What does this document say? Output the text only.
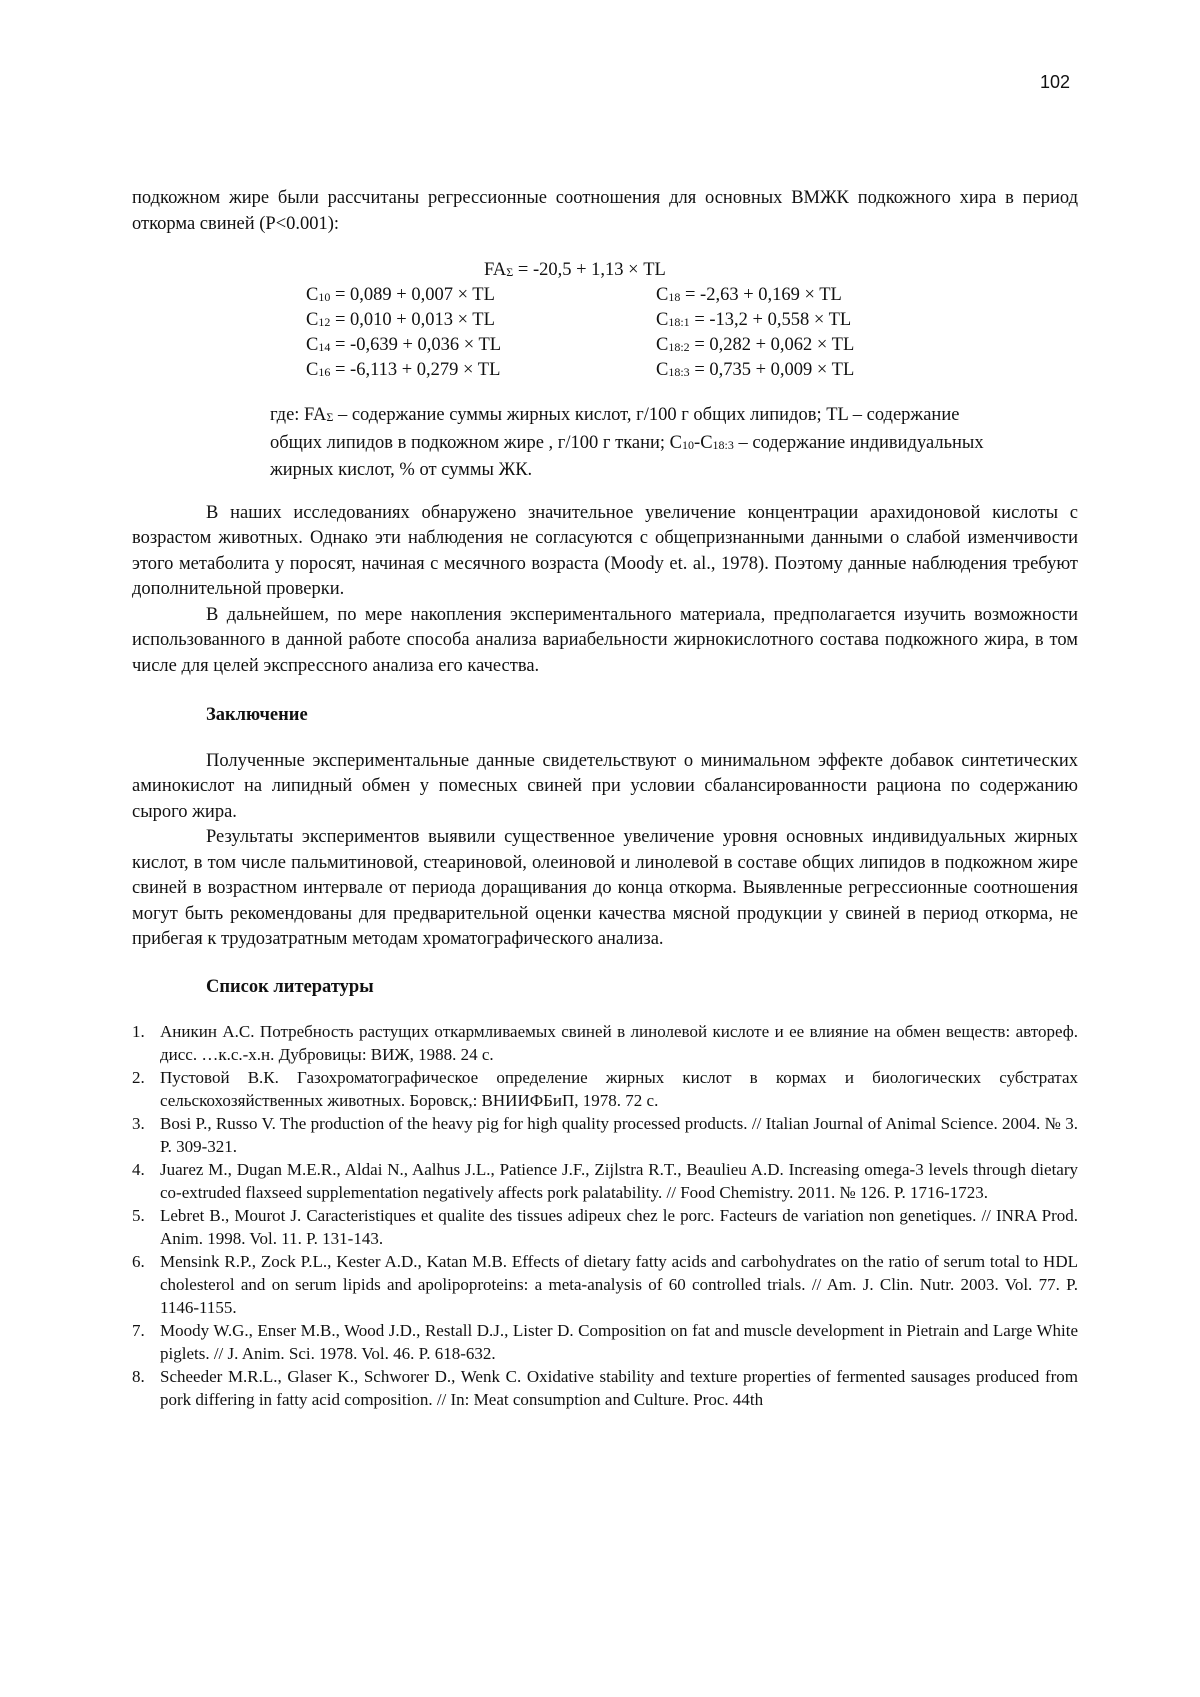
102

подкожном жире были рассчитаны регрессионные соотношения для основных ВМЖК подкожного хира в период откорма свиней (Р<0.001):

FAΣ = -20,5 + 1,13 × TL
C10 = 0,089 + 0,007 × TL
C12 = 0,010 + 0,013 × TL
C14 = -0,639 + 0,036 × TL
C16 = -6,113 + 0,279 × TL
C18 = -2,63 + 0,169 × TL
C18:1 = -13,2 + 0,558 × TL
C18:2 = 0,282 + 0,062 × TL
C18:3 = 0,735 + 0,009 × TL

где: FAΣ – содержание суммы жирных кислот, г/100 г общих липидов; TL – содержание общих липидов в подкожном жире , г/100 г ткани; C10-C18:3 – содержание индивидуальных жирных кислот, % от суммы ЖК.

В наших исследованиях обнаружено значительное увеличение концентрации арахидоновой кислоты с возрастом животных. Однако эти наблюдения не согласуются с общепризнанными данными о слабой изменчивости этого метаболита у поросят, начиная с месячного возраста (Moody et. al., 1978). Поэтому данные наблюдения требуют дополнительной проверки.

В дальнейшем, по мере накопления экспериментального материала, предполагается изучить возможности использованного в данной работе способа анализа вариабельности жирнокислотного состава подкожного жира, в том числе для целей экспрессного анализа его качества.

Заключение

Полученные экспериментальные данные свидетельствуют о минимальном эффекте добавок синтетических аминокислот на липидный обмен у помесных свиней при условии сбалансированности рациона по содержанию сырого жира.

Результаты экспериментов выявили существенное увеличение уровня основных индивидуальных жирных кислот, в том числе пальмитиновой, стеариновой, олеиновой и линолевой в составе общих липидов в подкожном жире свиней в возрастном интервале от периода доращивания до конца откорма. Выявленные регрессионные соотношения могут быть рекомендованы для предварительной оценки качества мясной продукции у свиней в период откорма, не прибегая к трудозатратным методам хроматографического анализа.

Список литературы
1. Аникин А.С. Потребность растущих откармливаемых свиней в линолевой кислоте и ее влияние на обмен веществ: автореф. дисс. …к.с.-х.н. Дубровицы: ВИЖ, 1988. 24 с.
2. Пустовой В.К. Газохроматографическое определение жирных кислот в кормах и биологических субстратах сельскохозяйственных животных. Боровск,: ВНИИФБиП, 1978. 72 с.
3. Bosi P., Russo V. The production of the heavy pig for high quality processed products. // Italian Journal of Animal Science. 2004. № 3. P. 309-321.
4. Juarez M., Dugan M.E.R., Aldai N., Aalhus J.L., Patience J.F., Zijlstra R.T., Beaulieu A.D. Increasing omega-3 levels through dietary co-extruded flaxseed supplementation negatively affects pork palatability. // Food Chemistry. 2011. № 126. P. 1716-1723.
5. Lebret B., Mourot J. Caracteristiques et qualite des tissues adipeux chez le porc. Facteurs de variation non genetiques. // INRA Prod. Anim. 1998. Vol. 11. P. 131-143.
6. Mensink R.P., Zock P.L., Kester A.D., Katan M.B. Effects of dietary fatty acids and carbohydrates on the ratio of serum total to HDL cholesterol and on serum lipids and apolipoproteins: a meta-analysis of 60 controlled trials. // Am. J. Clin. Nutr. 2003. Vol. 77. P. 1146-1155.
7. Moody W.G., Enser M.B., Wood J.D., Restall D.J., Lister D. Composition on fat and muscle development in Pietrain and Large White piglets. // J. Anim. Sci. 1978. Vol. 46. P. 618-632.
8. Scheeder M.R.L., Glaser K., Schworer D., Wenk C. Oxidative stability and texture properties of fermented sausages produced from pork differing in fatty acid composition. // In: Meat consumption and Culture. Proc. 44th
